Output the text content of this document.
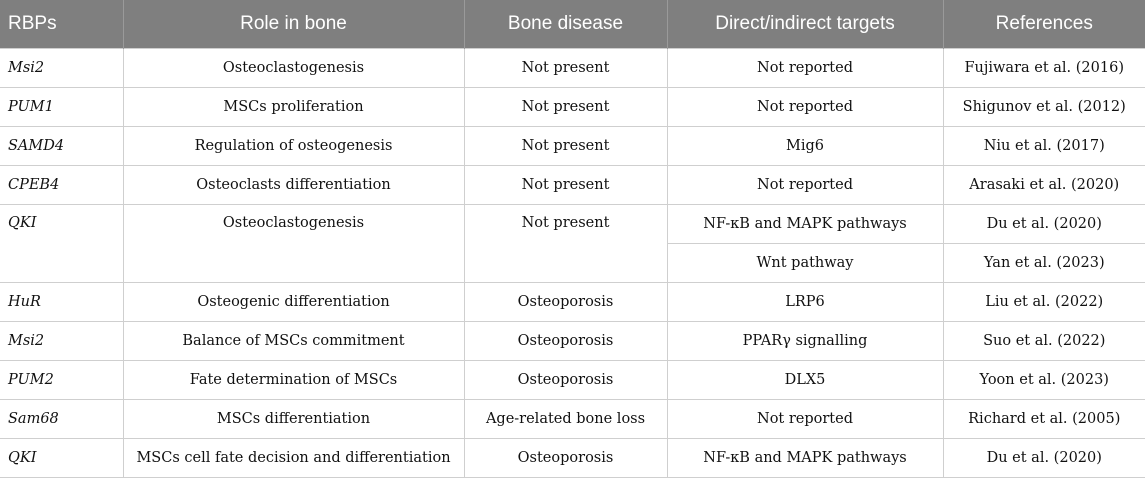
RBPs	Role in bone	Bone disease	Direct/indirect targets	References
Msi2	Osteoclastogenesis	Not present	Not reported	Fujiwara et al. (2016)
PUM1	MSCs proliferation	Not present	Not reported	Shigunov et al. (2012)
SAMD4	Regulation of osteogenesis	Not present	Mig6	Niu et al. (2017)
CPEB4	Osteoclasts differentiation	Not present	Not reported	Arasaki et al. (2020)
QKI	Osteoclastogenesis	Not present	NF-κB and MAPK pathways	Du et al. (2020)
			Wnt pathway	Yan et al. (2023)
HuR	Osteogenic differentiation	Osteoporosis	LRP6	Liu et al. (2022)
Msi2	Balance of MSCs commitment	Osteoporosis	PPARγ signalling	Suo et al. (2022)
PUM2	Fate determination of MSCs	Osteoporosis	DLX5	Yoon et al. (2023)
Sam68	MSCs differentiation	Age-related bone loss	Not reported	Richard et al. (2005)
QKI	MSCs cell fate decision and differentiation	Osteoporosis	NF-κB and MAPK pathways	Du et al. (2020)
